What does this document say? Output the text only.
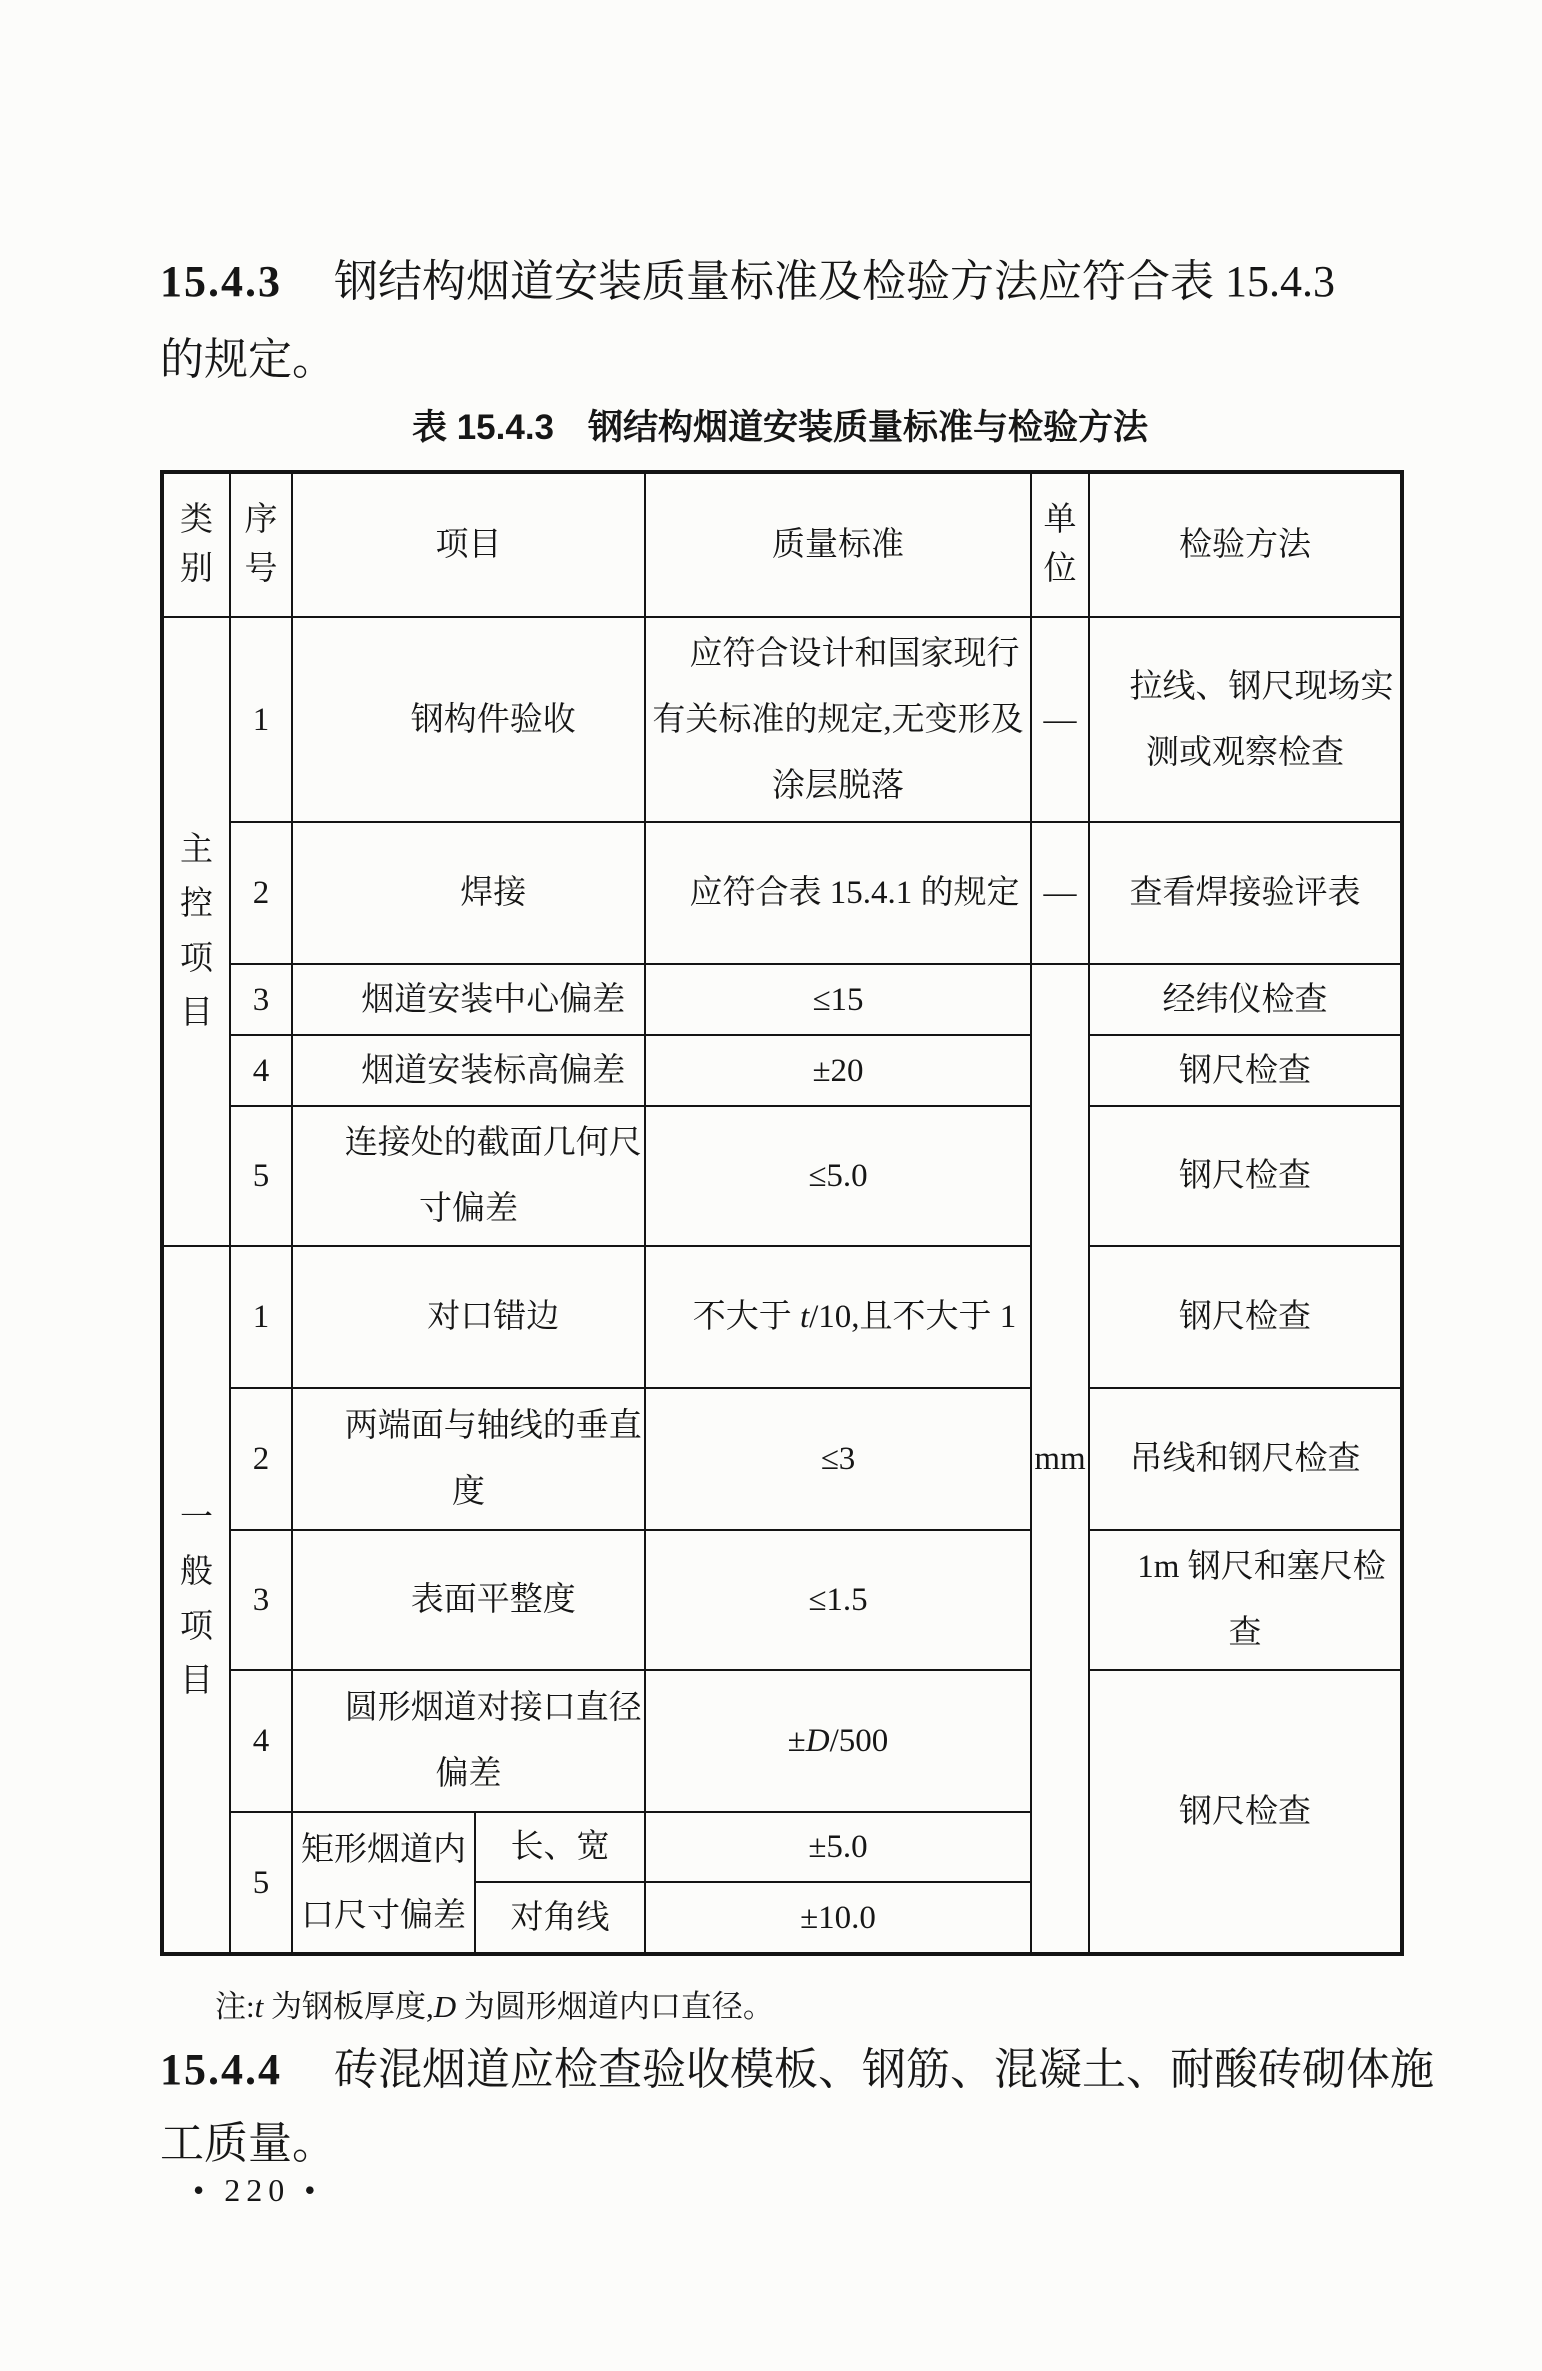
15.4.3 钢结构烟道安装质量标准及检验方法应符合表 15.4.3
的规定。
表 15.4.3 钢结构烟道安装质量标准与检验方法
类别	序号	项目		质量标准	单位	检验方法

主控项目	1	钢构件验收		应符合设计和国家现行有关标准的规定,无变形及涂层脱落	—	拉线、钢尺现场实测或观察检查
	2	焊接		应符合表 15.4.1 的规定	—	查看焊接验评表
	3	烟道安装中心偏差		≤15	mm	经纬仪检查
	4	烟道安装标高偏差		±20		钢尺检查
	5	连接处的截面几何尺寸偏差		≤5.0		钢尺检查

一般项目	1	对口错边		不大于 t/10,且不大于 1		钢尺检查
	2	两端面与轴线的垂直度		≤3		吊线和钢尺检查
	3	表面平整度		≤1.5		1m 钢尺和塞尺检查
	4	圆形烟道对接口直径偏差		±D/500		钢尺检查
	5	矩形烟道内口尺寸偏差	长、宽	±5.0		
			对角线	±10.0		
注:t 为钢板厚度,D 为圆形烟道内口直径。
15.4.4 砖混烟道应检查验收模板、钢筋、混凝土、耐酸砖砌体施
工质量。
• 220 •
